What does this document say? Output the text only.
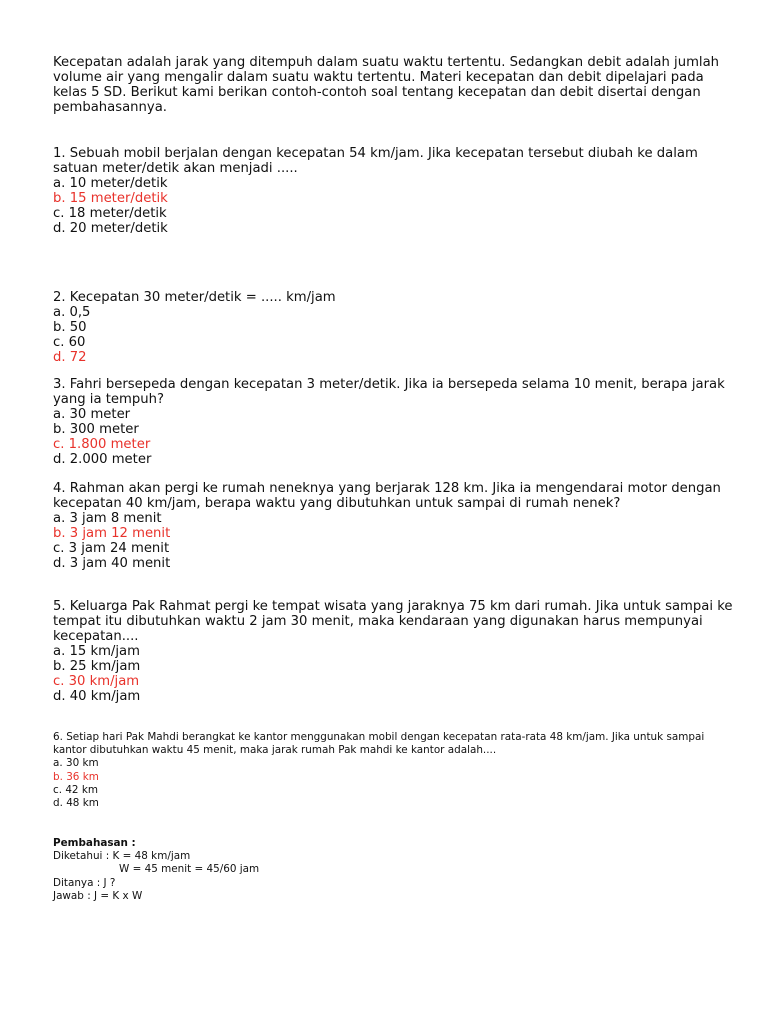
Kecepatan adalah jarak yang ditempuh dalam suatu waktu tertentu. Sedangkan debit adalah jumlah volume air yang mengalir dalam suatu waktu tertentu. Materi kecepatan dan debit dipelajari pada kelas 5 SD. Berikut kami berikan contoh-contoh soal tentang kecepatan dan debit disertai dengan pembahasannya.

1. Sebuah mobil berjalan dengan kecepatan 54 km/jam. Jika kecepatan tersebut diubah ke dalam satuan meter/detik akan menjadi .....

a. 10 meter/detik

b. 15 meter/detik

c. 18 meter/detik

d. 20 meter/detik

2. Kecepatan 30 meter/detik = ..... km/jam

a. 0,5

b. 50

c. 60

d. 72

3. Fahri bersepeda dengan kecepatan 3 meter/detik. Jika ia bersepeda selama 10 menit, berapa jarak yang ia tempuh?

a. 30 meter

b. 300 meter

c. 1.800 meter

d. 2.000 meter

4. Rahman akan pergi ke rumah neneknya yang berjarak 128 km. Jika ia mengendarai motor dengan kecepatan 40 km/jam, berapa waktu yang dibutuhkan untuk sampai di rumah nenek?

a. 3 jam 8 menit

b. 3 jam 12 menit

c. 3 jam 24 menit

d. 3 jam 40 menit

5. Keluarga Pak Rahmat pergi ke tempat wisata yang jaraknya 75 km dari rumah. Jika untuk sampai ke tempat itu dibutuhkan waktu 2 jam 30 menit, maka kendaraan yang digunakan harus mempunyai kecepatan....

a. 15 km/jam

b. 25 km/jam

c. 30 km/jam

d. 40 km/jam

6. Setiap hari Pak Mahdi berangkat ke kantor menggunakan mobil dengan kecepatan rata-rata 48 km/jam. Jika untuk sampai kantor dibutuhkan waktu 45 menit, maka jarak rumah Pak mahdi ke kantor adalah....

a. 30 km

b. 36 km

c. 42 km

d. 48 km

Pembahasan :

Diketahui : K = 48 km/jam

W = 45 menit = 45/60 jam

Ditanya : J ?

Jawab : J = K x W
